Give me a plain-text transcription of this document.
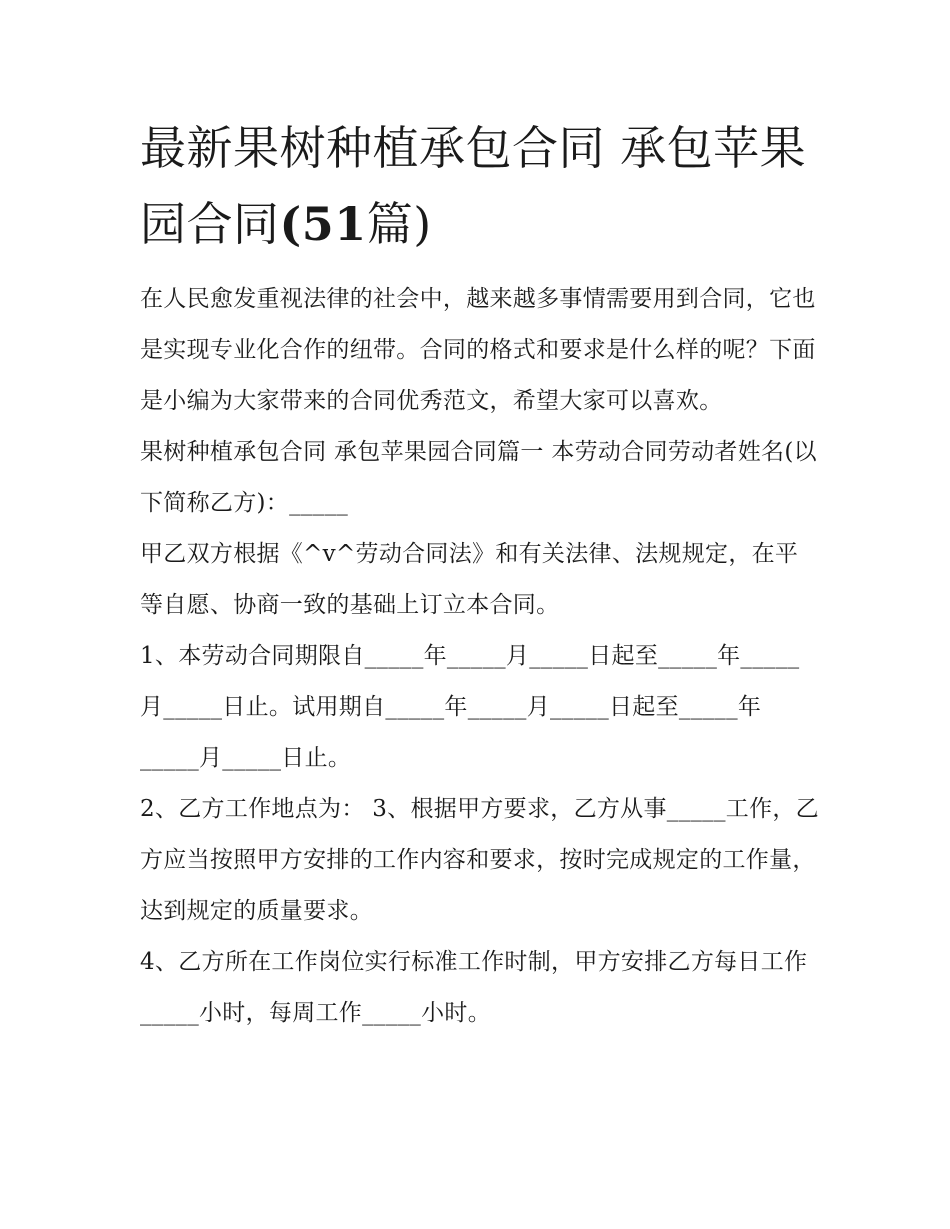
最新果树种植承包合同 承包苹果园合同(51篇)

在人民愈发重视法律的社会中，越来越多事情需要用到合同，它也是实现专业化合作的纽带。合同的格式和要求是什么样的呢？下面是小编为大家带来的合同优秀范文，希望大家可以喜欢。

果树种植承包合同 承包苹果园合同篇一 本劳动合同劳动者姓名(以下简称乙方)：_____

甲乙双方根据《^v^劳动合同法》和有关法律、法规规定，在平等自愿、协商一致的基础上订立本合同。

1、本劳动合同期限自_____年_____月_____日起至_____年_____月_____日止。试用期自_____年_____月_____日起至_____年_____月_____日止。

2、乙方工作地点为： 3、根据甲方要求，乙方从事_____工作，乙方应当按照甲方安排的工作内容和要求，按时完成规定的工作量，达到规定的质量要求。

4、乙方所在工作岗位实行标准工作时制，甲方安排乙方每日工作_____小时，每周工作_____小时。
